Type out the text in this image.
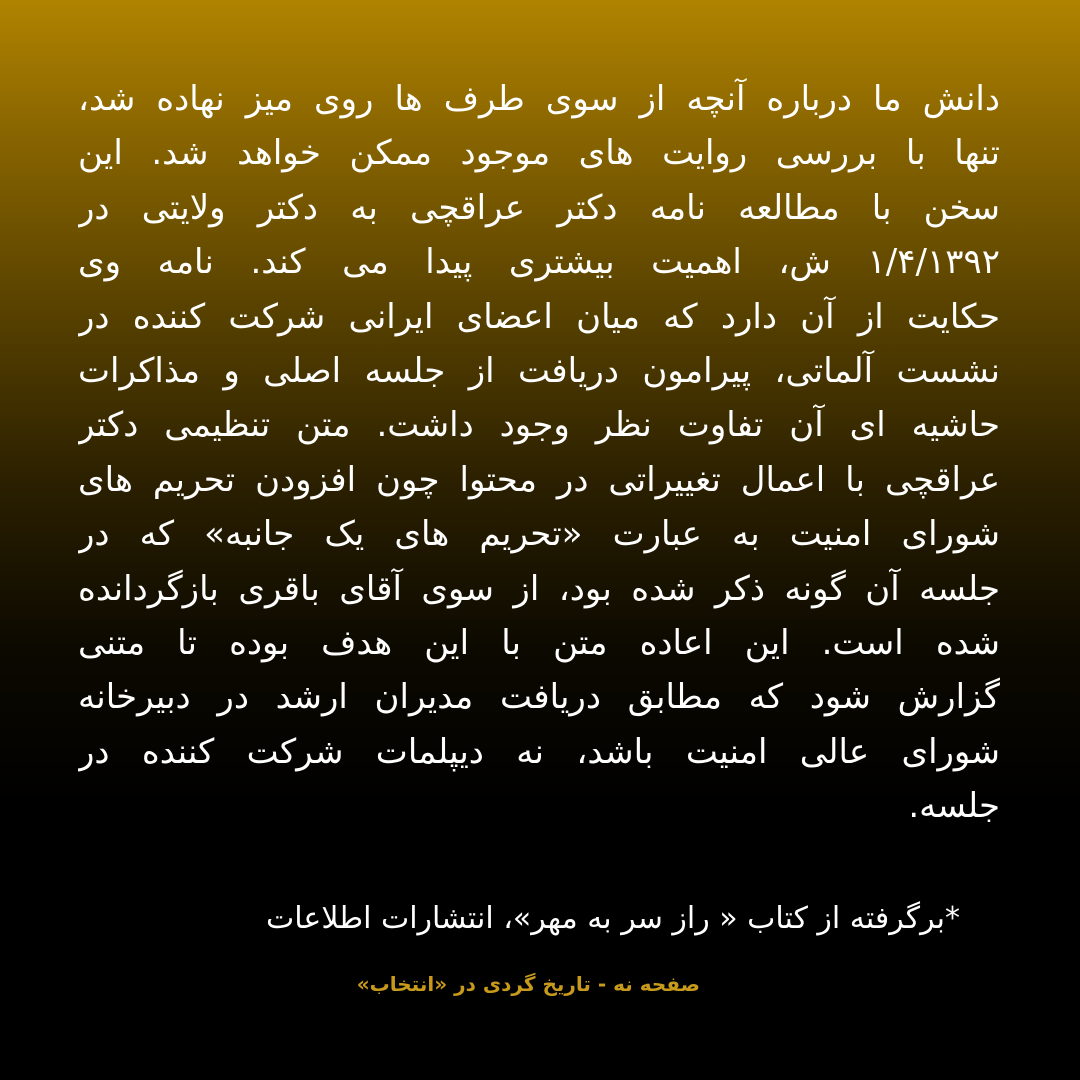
دانش ما درباره آنچه از سوی طرف ها روی میز نهاده شد،
تنها با بررسی روایت های موجود ممکن خواهد شد. این
سخن با مطالعه نامه دکتر عراقچی به دکتر ولایتی در
۱/۴/۱۳۹۲ ش، اهمیت بیشتری پیدا می کند. نامه وی
حکایت از آن دارد که میان اعضای ایرانی شرکت کننده در
نشست آلماتی، پیرامون دریافت از جلسه اصلی و مذاکرات
حاشیه ای آن تفاوت نظر وجود داشت. متن تنظیمی دکتر
عراقچی با اعمال تغییراتی در محتوا چون افزودن تحریم های
شورای امنیت به عبارت «تحریم های یک جانبه» که در
جلسه آن گونه ذکر شده بود، از سوی آقای باقری بازگردانده
شده است. این اعاده متن با این هدف بوده تا متنی
گزارش شود که مطابق دریافت مدیران ارشد در دبیرخانه
شورای عالی امنیت باشد، نه دیپلمات شرکت کننده در
جلسه.

*برگرفته از کتاب « راز سر به مهر»، انتشارات اطلاعات

صفحه نه - تاریخ گردی در «انتخاب»
